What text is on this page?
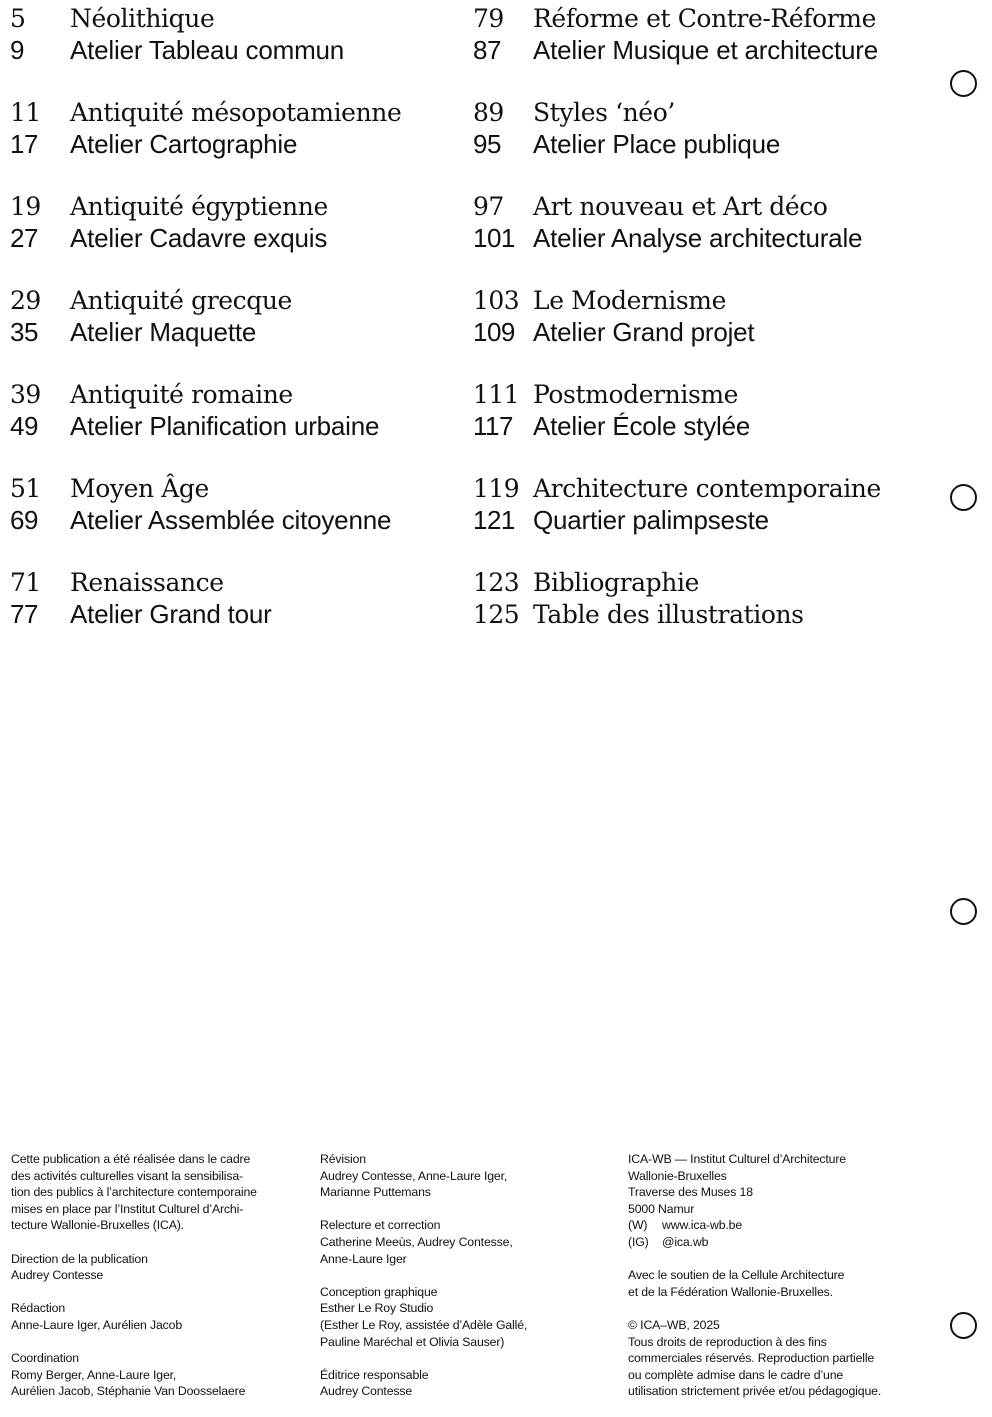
5	Néolithique
9	Atelier Tableau commun
11	Antiquité mésopotamienne
17	Atelier Cartographie
19	Antiquité égyptienne
27	Atelier Cadavre exquis
29	Antiquité grecque
35	Atelier Maquette
39	Antiquité romaine
49	Atelier Planification urbaine
51	Moyen Âge
69	Atelier Assemblée citoyenne
71	Renaissance
77	Atelier Grand tour
79	Réforme et Contre-Réforme
87	Atelier Musique et architecture
89	Styles ‘néo’
95	Atelier Place publique
97	Art nouveau et Art déco
101 Atelier Analyse architecturale
103 Le Modernisme
109 Atelier Grand projet
111 Postmodernisme
117 Atelier École stylée
119 Architecture contemporaine
121 Quartier palimpseste
123 Bibliographie
125 Table des illustrations
Cette publication a été réalisée dans le cadre
des activités culturelles visant la sensibilisa-
tion des publics à l’architecture contemporaine
mises en place par l’Institut Culturel d’Archi-
tecture Wallonie-Bruxelles (ICA).
Direction de la publication
Audrey Contesse
Rédaction
Anne-Laure Iger, Aurélien Jacob
Coordination
Romy Berger, Anne-Laure Iger,
Aurélien Jacob, Stéphanie Van Doosselaere
Révision
Audrey Contesse, Anne-Laure Iger,
Marianne Puttemans
Relecture et correction
Catherine Meeùs, Audrey Contesse,
Anne-Laure Iger
Conception graphique
Esther Le Roy Studio
(Esther Le Roy, assistée d’Adèle Gallé,
Pauline Maréchal et Olivia Sauser)
Éditrice responsable
Audrey Contesse
ICA-WB — Institut Culturel d’Architecture
Wallonie-Bruxelles
Traverse des Muses 18
5000 Namur
(W)	www.ica-wb.be
(IG)	@ica.wb
Avec le soutien de la Cellule Architecture
et de la Fédération Wallonie-Bruxelles.
© ICA–WB, 2025
Tous droits de reproduction à des fins
commerciales réservés. Reproduction partielle
ou complète admise dans le cadre d’une
utilisation strictement privée et/ou pédagogique.
